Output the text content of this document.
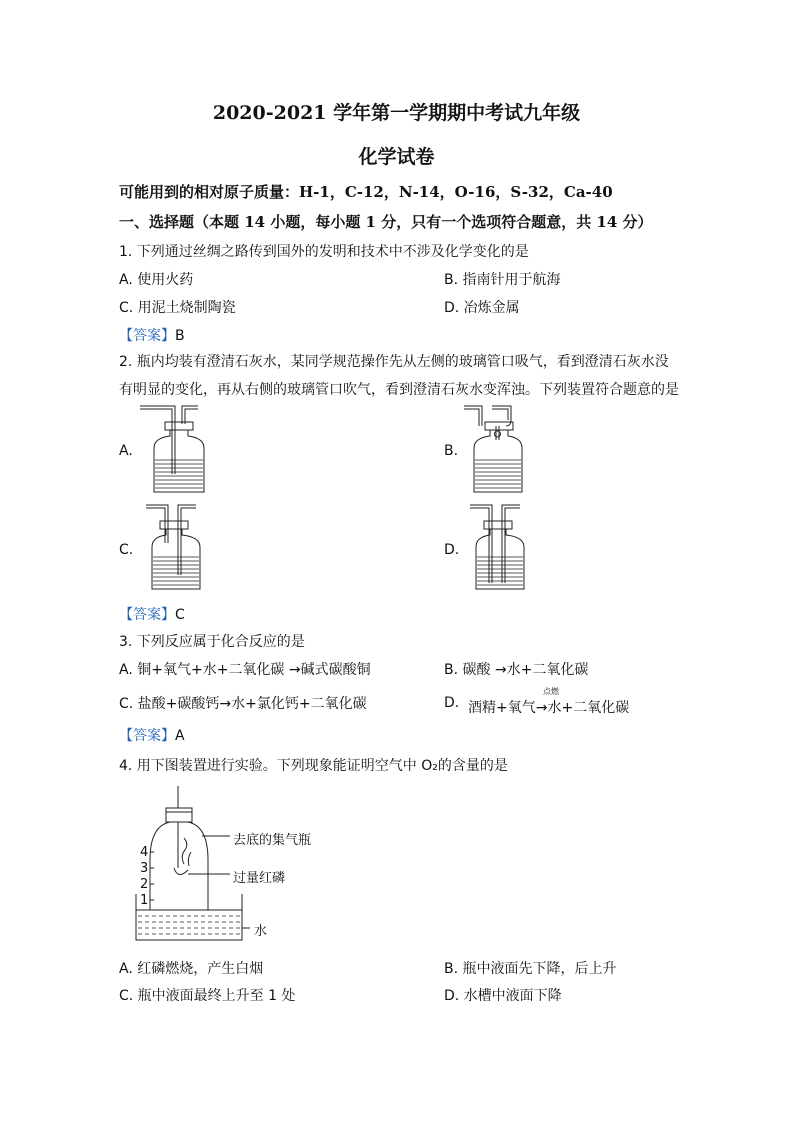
2020-2021 学年第一学期期中考试九年级
化学试卷
可能用到的相对原子质量：H-1，C-12，N-14，O-16，S-32，Ca-40
一、选择题（本题 14 小题，每小题 1 分，只有一个选项符合题意，共 14 分）
1. 下列通过丝绸之路传到国外的发明和技术中不涉及化学变化的是
A. 使用火药	B. 指南针用于航海
C. 用泥土烧制陶瓷	D. 冶炼金属
【答案】B
2. 瓶内均装有澄清石灰水，某同学规范操作先从左侧的玻璃管口吸气，看到澄清石灰水没
有明显的变化，再从右侧的玻璃管口吹气，看到澄清石灰水变浑浊。下列装置符合题意的是
A.	B.
C.	D.
【答案】C
3. 下列反应属于化合反应的是
A. 铜+氧气+水+二氧化碳 →碱式碳酸铜	B. 碳酸 →水+二氧化碳
C. 盐酸+碳酸钙→水+氯化钙+二氧化碳	D.
点燃
酒精+氧气→水+二氧化碳
【答案】A
4. 用下图装置进行实验。下列现象能证明空气中 O₂的含量的是
4
3
2
1
去底的集气瓶
过量红磷
水
A. 红磷燃烧，产生白烟	B. 瓶中液面先下降，后上升
C. 瓶中液面最终上升至 1 处	D. 水槽中液面下降
